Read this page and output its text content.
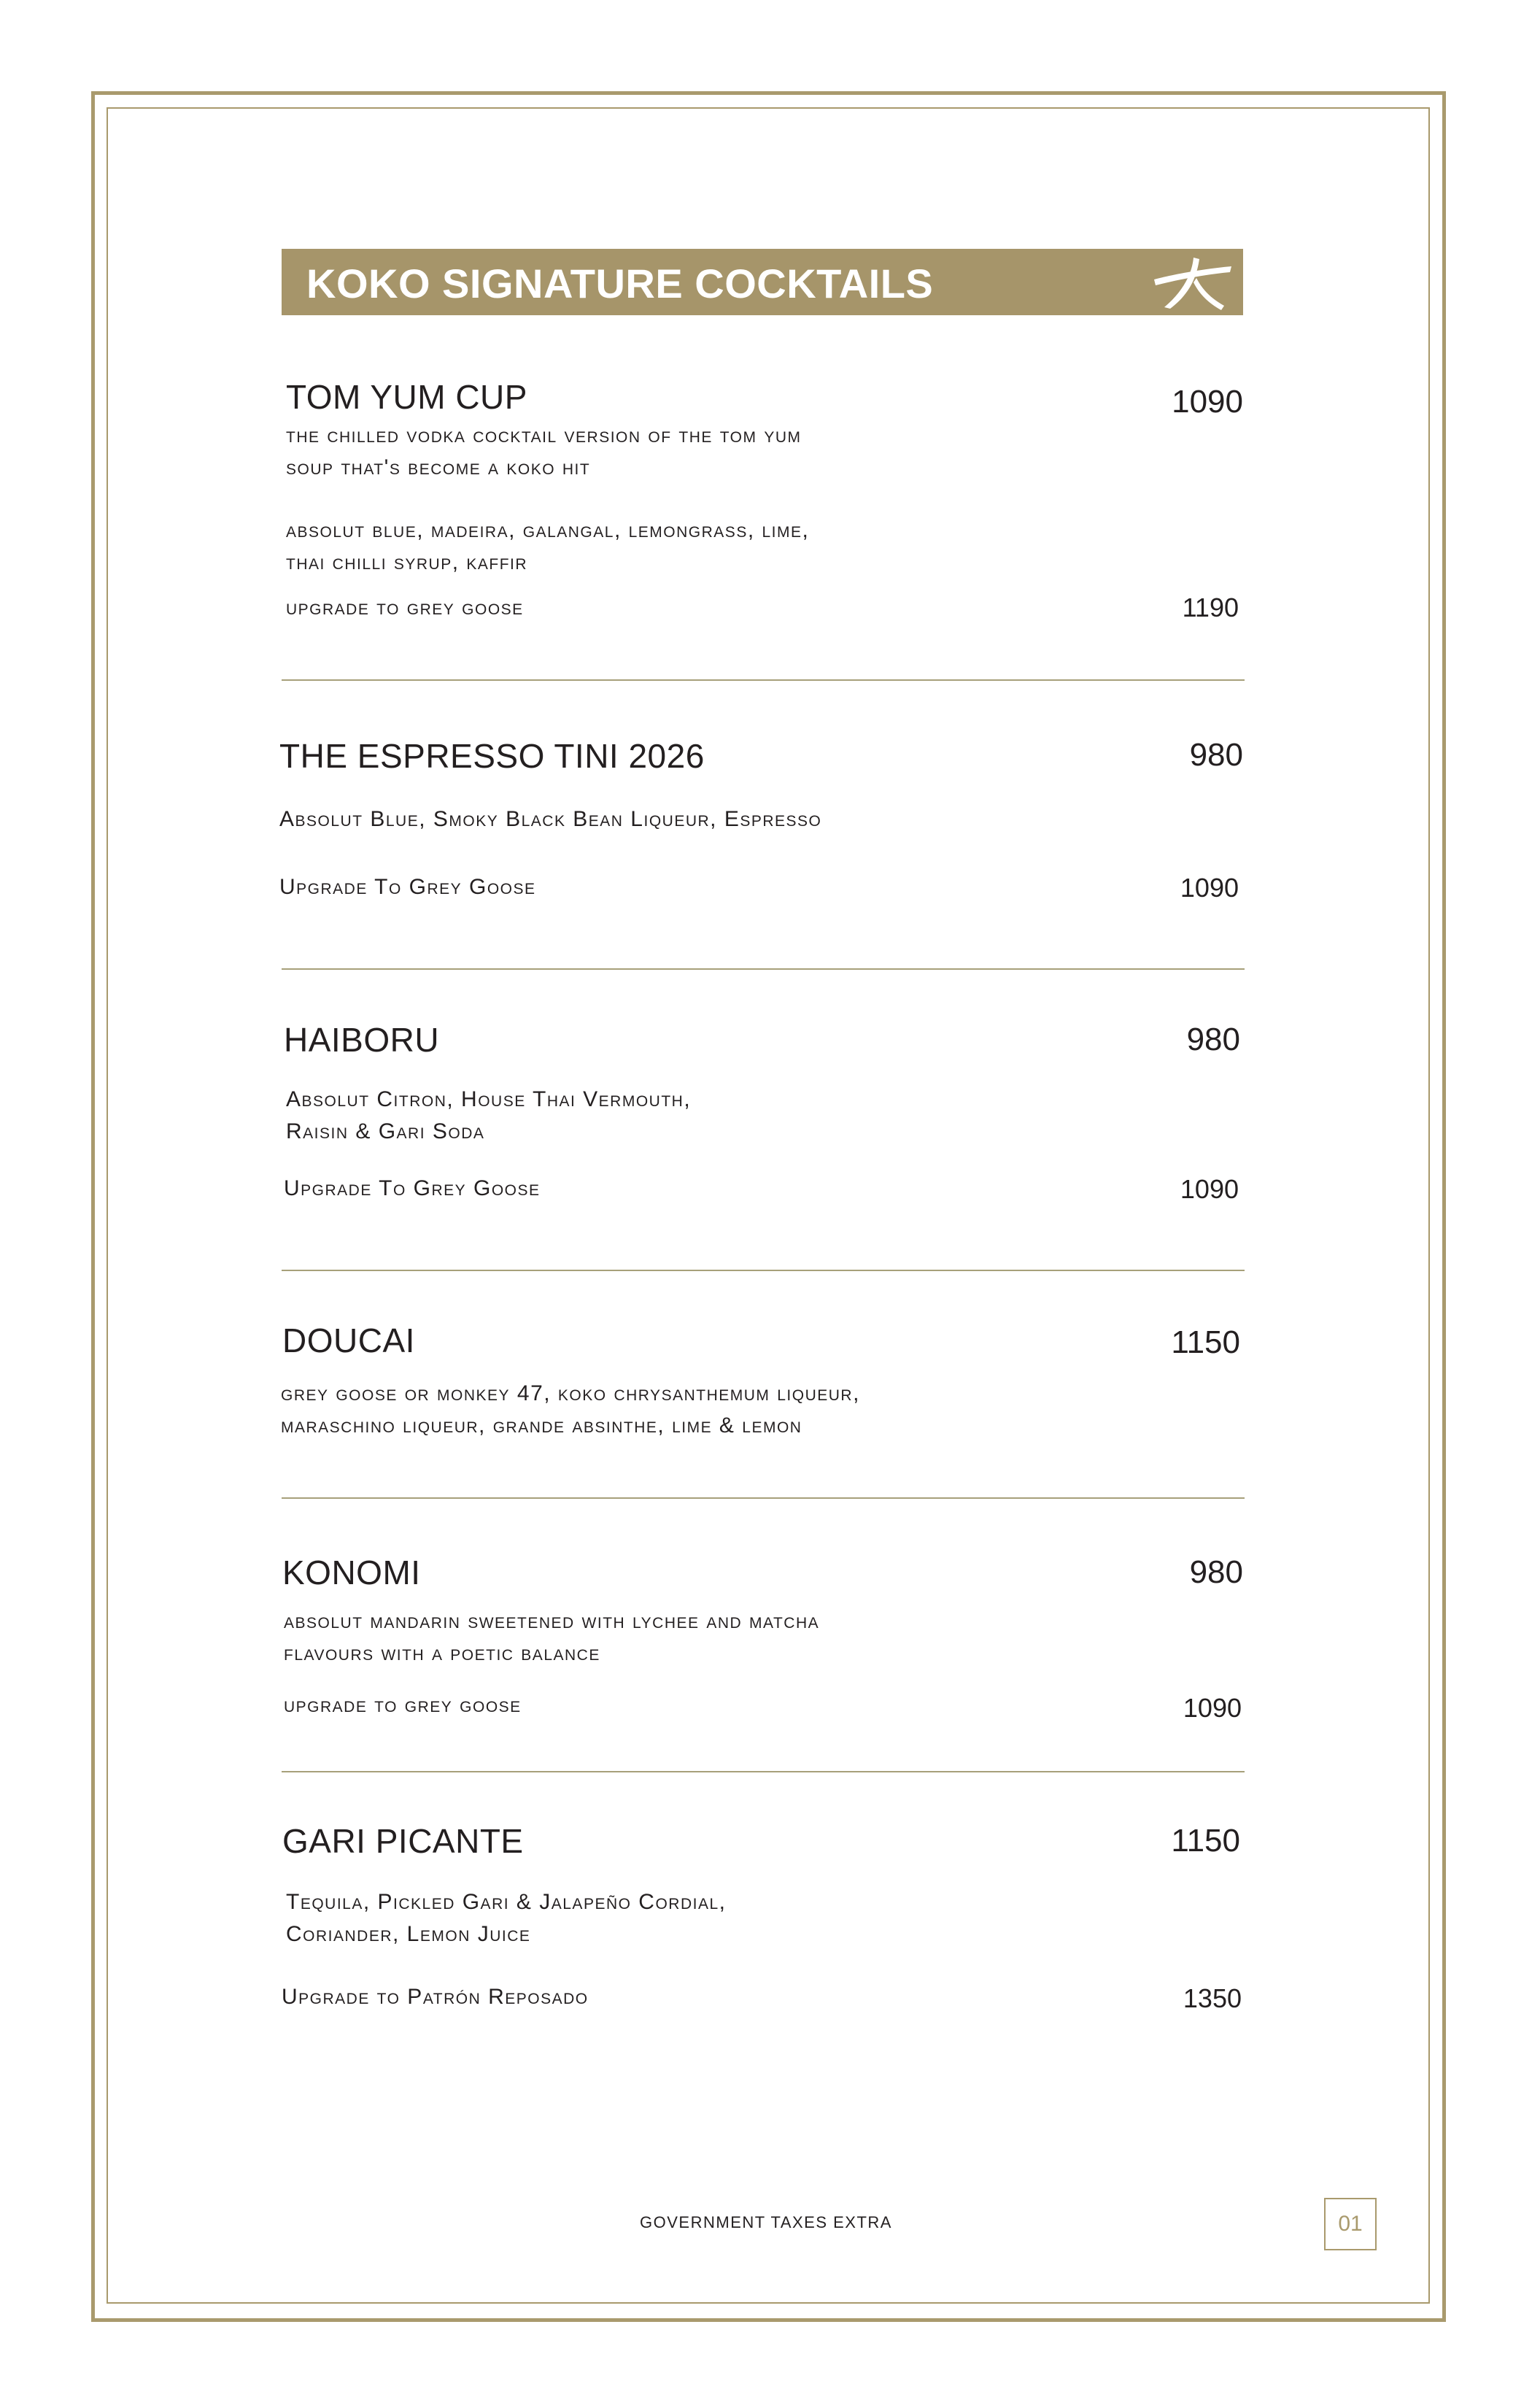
KOKO SIGNATURE COCKTAILS
TOM YUM CUP	1090
the chilled vodka cocktail version of the tom yum
soup that's become a koko hit
absolut blue, madeira, galangal, lemongrass, lime,
thai chilli syrup, kaffir
upgrade to grey goose	1190
THE ESPRESSO TINI 2026	980
Absolut Blue, Smoky Black Bean Liqueur, Espresso
Upgrade To Grey Goose	1090
HAIBORU	980
Absolut Citron, House Thai Vermouth,
Raisin & Gari Soda
Upgrade To Grey Goose	1090
DOUCAI	1150
grey goose or monkey 47, koko chrysanthemum liqueur,
maraschino liqueur, grande absinthe, lime & lemon
KONOMI	980
absolut mandarin sweetened with lychee and matcha
flavours with a poetic balance
upgrade to grey goose	1090
GARI PICANTE	1150
Tequila, Pickled Gari & Jalapeño Cordial,
Coriander, Lemon Juice
Upgrade to Patrón Reposado	1350
GOVERNMENT TAXES EXTRA	01
